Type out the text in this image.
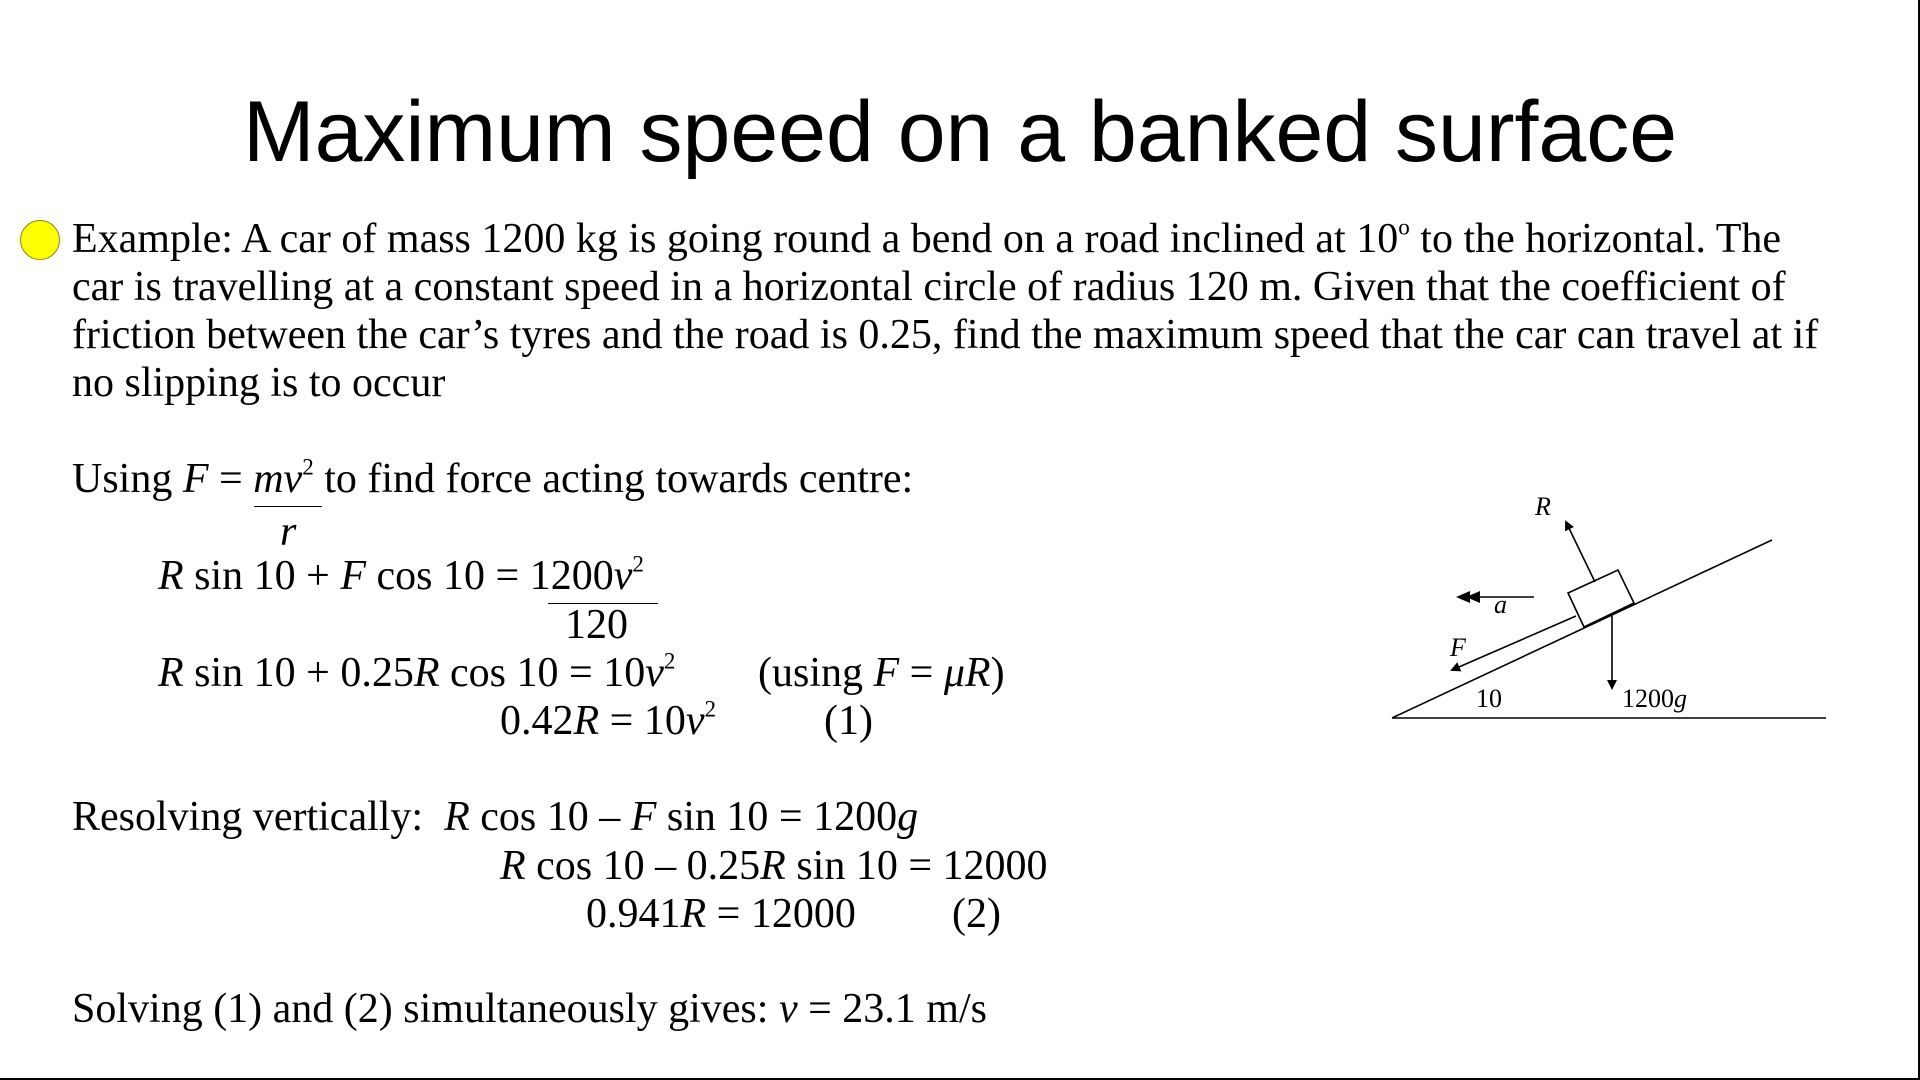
Maximum speed on a banked surface
Example: A car of mass 1200 kg is going round a bend on a road inclined at 10$^o$ to the horizontal. The
car is travelling at a constant speed in a horizontal circle of radius 120 m. Given that the coefficient of
friction between the car’s tyres and the road is 0.25, find the maximum speed that the car can travel at if
no slipping is to occur
Using $F = mv^2$ to find force acting towards centre:
r
R sin 10 + F $\cos 10 = 1200v^2$
120
R sin 10 + 0.25R $\cos 10 = 10v^2$ (using F = μR)
$0.42R = 10v^2$	(1)
Resolving vertically:  R cos 10 – F sin 10 = 1200g
R cos 10 – 0.25R sin 10 = 12000
0.941R = 12000 (2)
Solving (1) and (2) simultaneously gives: v = 23.1 m/s
R
a
F
10	1200g
